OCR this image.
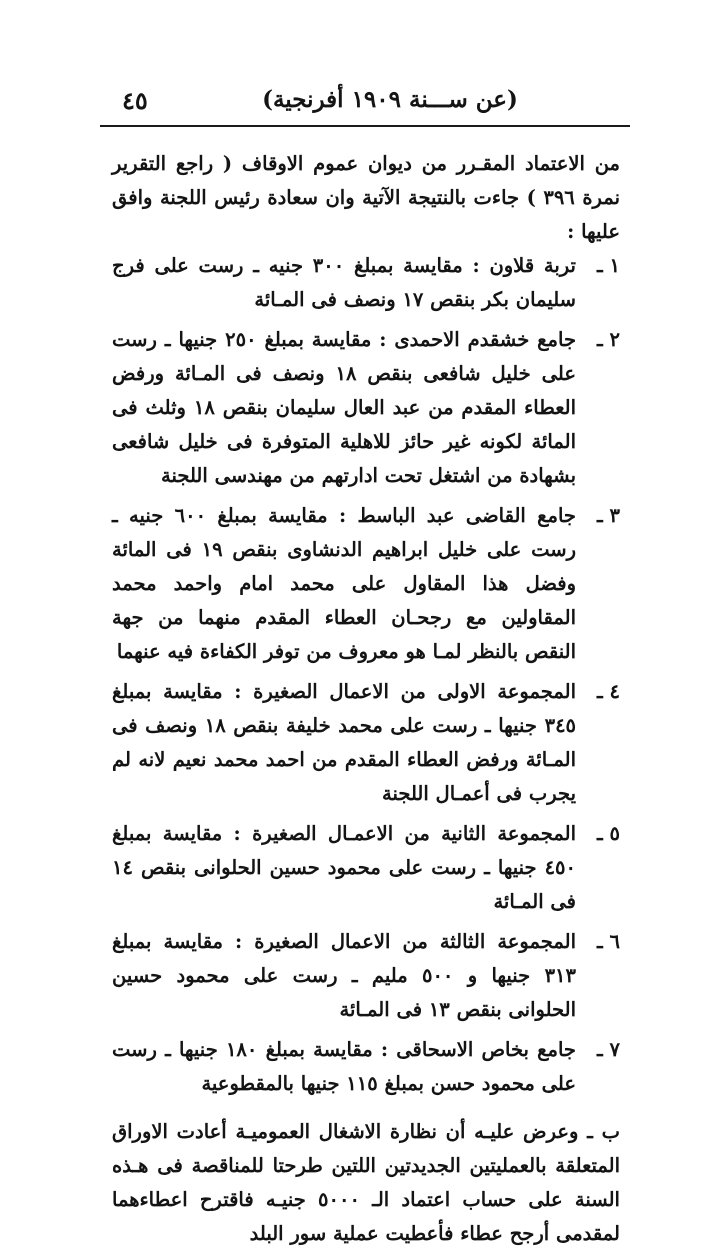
٤٥	(عن ســـنة ١٩٠٩ أفرنجية)

من الاعتماد المقـرر من ديوان عموم الاوقاف ( راجع التقرير نمرة ٣٩٦ ) جاءت بالنتيجة الآتية وان سعادة رئيس اللجنة وافق عليها :

١ ـ
تربة قلاون : مقايسة بمبلغ ٣٠٠ جنيه ـ رست على فرج سليمان بكر بنقص ١٧ ونصف فى المـائة
٢ ـ
جامع خشقدم الاحمدى : مقايسة بمبلغ ٢٥٠ جنيها ـ رست على خليل شافعى بنقص ١٨ ونصف فى المـائة ورفض العطاء المقدم من عبد العال سليمان بنقص ١٨ وثلث فى المائة لكونه غير حائز للاهلية المتوفرة فى خليل شافعى بشهادة من اشتغل تحت ادارتهم من مهندسى اللجنة
٣ ـ
جامع القاضى عبد الباسط : مقايسة بمبلغ ٦٠٠ جنيه ـ رست على خليل ابراهيم الدنشاوى بنقص ١٩ فى المائة وفضل هذا المقاول على محمد امام واحمد محمد المقاولين مع رجحـان العطاء المقدم منهما من جهة النقص بالنظر لمـا هو معروف من توفر الكفاءة فيه عنهما
٤ ـ
المجموعة الاولى من الاعمال الصغيرة : مقايسة بمبلغ ٣٤٥ جنيها ـ رست على محمد خليفة بنقص ١٨ ونصف فى المـائة ورفض العطاء المقدم من احمد محمد نعيم لانه لم يجرب فى أعمـال اللجنة
٥ ـ
المجموعة الثانية من الاعمـال الصغيرة : مقايسة بمبلغ ٤٥٠ جنيها ـ رست على محمود حسين الحلوانى بنقص ١٤ فى المـائة
٦ ـ
المجموعة الثالثة من الاعمال الصغيرة : مقايسة بمبلغ ٣١٣ جنيها و ٥٠٠ مليم ـ رست على محمود حسين الحلوانى بنقص ١٣ فى المـائة
٧ ـ
جامع بخاص الاسحاقى : مقايسة بمبلغ ١٨٠ جنيها ـ رست على محمود حسن بمبلغ ١١٥ جنيها بالمقطوعية

ب ـ وعرض عليـه أن نظارة الاشغال العموميـة أعادت الاوراق المتعلقة بالعمليتين الجديدتين اللتين طرحتا للمناقصة فى هـذه السنة على حساب اعتماد الـ ٥٠٠٠ جنيـه فاقترح اعطاءهما لمقدمى أرجح عطاء فأعطيت عملية سور البلد
